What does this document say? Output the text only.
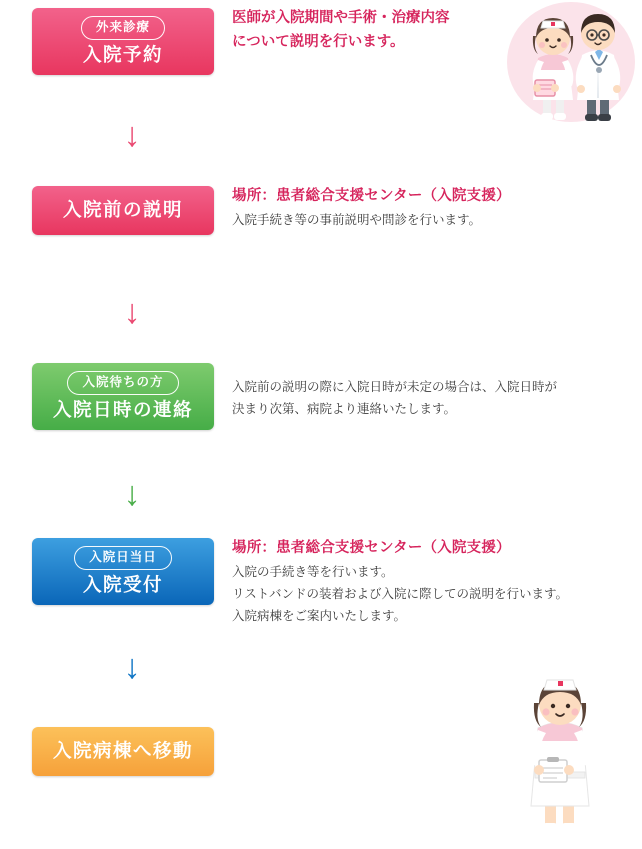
外来診療
入院予約

医師が入院期間や手術・治療内容

について説明を行います。

↓
入院前の説明

場所：患者総合支援センター（入院支援）

入院手続き等の事前説明や問診を行います。

↓
入院待ちの方
入院日時の連絡

入院前の説明の際に入院日時が未定の場合は、入院日時が

決まり次第、病院より連絡いたします。

↓
入院日当日
入院受付

場所：患者総合支援センター（入院支援）

入院の手続き等を行います。

リストバンドの装着および入院に際しての説明を行います。

入院病棟をご案内いたします。

↓
入院病棟へ移動
